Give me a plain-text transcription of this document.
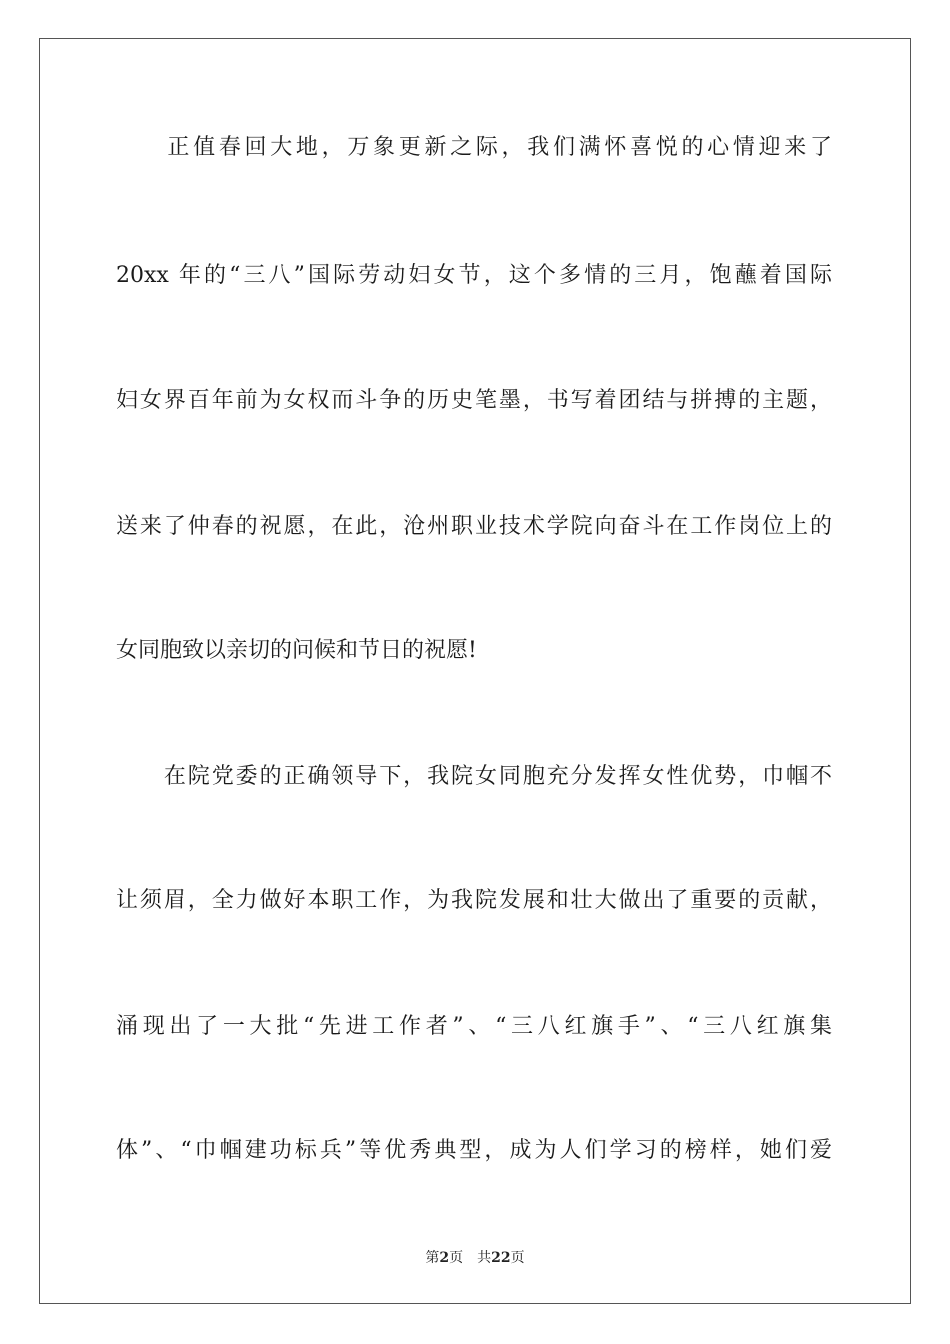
　　正值春回大地，万象更新之际，我们满怀喜悦的心情迎来了
20xx 年的“三八”国际劳动妇女节，这个多情的三月，饱蘸着国际
妇女界百年前为女权而斗争的历史笔墨，书写着团结与拼搏的主题，
送来了仲春的祝愿，在此，沧州职业技术学院向奋斗在工作岗位上的
女同胞致以亲切的问候和节日的祝愿!
　　在院党委的正确领导下，我院女同胞充分发挥女性优势，巾帼不
让须眉，全力做好本职工作，为我院发展和壮大做出了重要的贡献，
涌现出了一大批“先进工作者”、“三八红旗手”、“三八红旗集
体”、“巾帼建功标兵”等优秀典型，成为人们学习的榜样，她们爱
第2页 共22页
